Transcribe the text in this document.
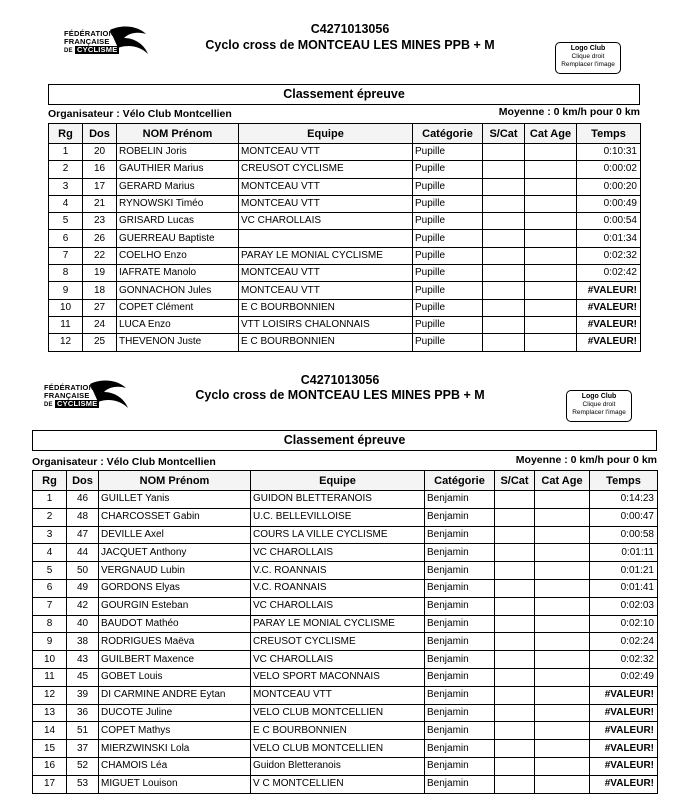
FÉDÉRATION
FRANÇAISE
DE CYCLISME
C4271013056
Cyclo cross de MONTCEAU LES MINES PPB + M	Logo Club
Clique droit
Remplacer l'image
Classement épreuve
Organisateur : Vélo Club Montcellien	Moyenne : 0 km/h pour 0 km
Rg	Dos	NOM Prénom	Equipe	Catégorie	S/Cat	Cat Age	Temps
1	20	ROBELIN Joris	MONTCEAU VTT	Pupille			0:10:31
2	16	GAUTHIER Marius	CREUSOT CYCLISME	Pupille			0:00:02
3	17	GERARD Marius	MONTCEAU VTT	Pupille			0:00:20
4	21	RYNOWSKI Timéo	MONTCEAU VTT	Pupille			0:00:49
5	23	GRISARD Lucas	VC CHAROLLAIS	Pupille			0:00:54
6	26	GUERREAU Baptiste		Pupille			0:01:34
7	22	COELHO Enzo	PARAY LE MONIAL CYCLISME	Pupille			0:02:32
8	19	IAFRATE Manolo	MONTCEAU VTT	Pupille			0:02:42
9	18	GONNACHON Jules	MONTCEAU VTT	Pupille			#VALEUR!
10	27	COPET Clément	E C BOURBONNIEN	Pupille			#VALEUR!
11	24	LUCA Enzo	VTT LOISIRS CHALONNAIS	Pupille			#VALEUR!
12	25	THEVENON Juste	E C BOURBONNIEN	Pupille			#VALEUR!
FÉDÉRATION
FRANÇAISE
DE CYCLISME
C4271013056
Cyclo cross de MONTCEAU LES MINES PPB + M	Logo Club
Clique droit
Remplacer l'image
Classement épreuve
Organisateur : Vélo Club Montcellien	Moyenne : 0 km/h pour 0 km
Rg	Dos	NOM Prénom	Equipe	Catégorie	S/Cat	Cat Age	Temps
1	46	GUILLET Yanis	GUIDON BLETTERANOIS	Benjamin			0:14:23
2	48	CHARCOSSET Gabin	U.C. BELLEVILLOISE	Benjamin			0:00:47
3	47	DEVILLE Axel	COURS LA VILLE CYCLISME	Benjamin			0:00:58
4	44	JACQUET Anthony	VC CHAROLLAIS	Benjamin			0:01:11
5	50	VERGNAUD Lubin	V.C. ROANNAIS	Benjamin			0:01:21
6	49	GORDONS Elyas	V.C. ROANNAIS	Benjamin			0:01:41
7	42	GOURGIN Esteban	VC CHAROLLAIS	Benjamin			0:02:03
8	40	BAUDOT Mathéo	PARAY LE MONIAL CYCLISME	Benjamin			0:02:10
9	38	RODRIGUES Maëva	CREUSOT CYCLISME	Benjamin			0:02:24
10	43	GUILBERT Maxence	VC CHAROLLAIS	Benjamin			0:02:32
11	45	GOBET Louis	VELO SPORT MACONNAIS	Benjamin			0:02:49
12	39	DI CARMINE ANDRE Eytan	MONTCEAU VTT	Benjamin			#VALEUR!
13	36	DUCOTE Juline	VELO CLUB MONTCELLIEN	Benjamin			#VALEUR!
14	51	COPET Mathys	E C BOURBONNIEN	Benjamin			#VALEUR!
15	37	MIERZWINSKI Lola	VELO CLUB MONTCELLIEN	Benjamin			#VALEUR!
16	52	CHAMOIS Léa	Guidon Bletteranois	Benjamin			#VALEUR!
17	53	MIGUET Louison	V C MONTCELLIEN	Benjamin			#VALEUR!
